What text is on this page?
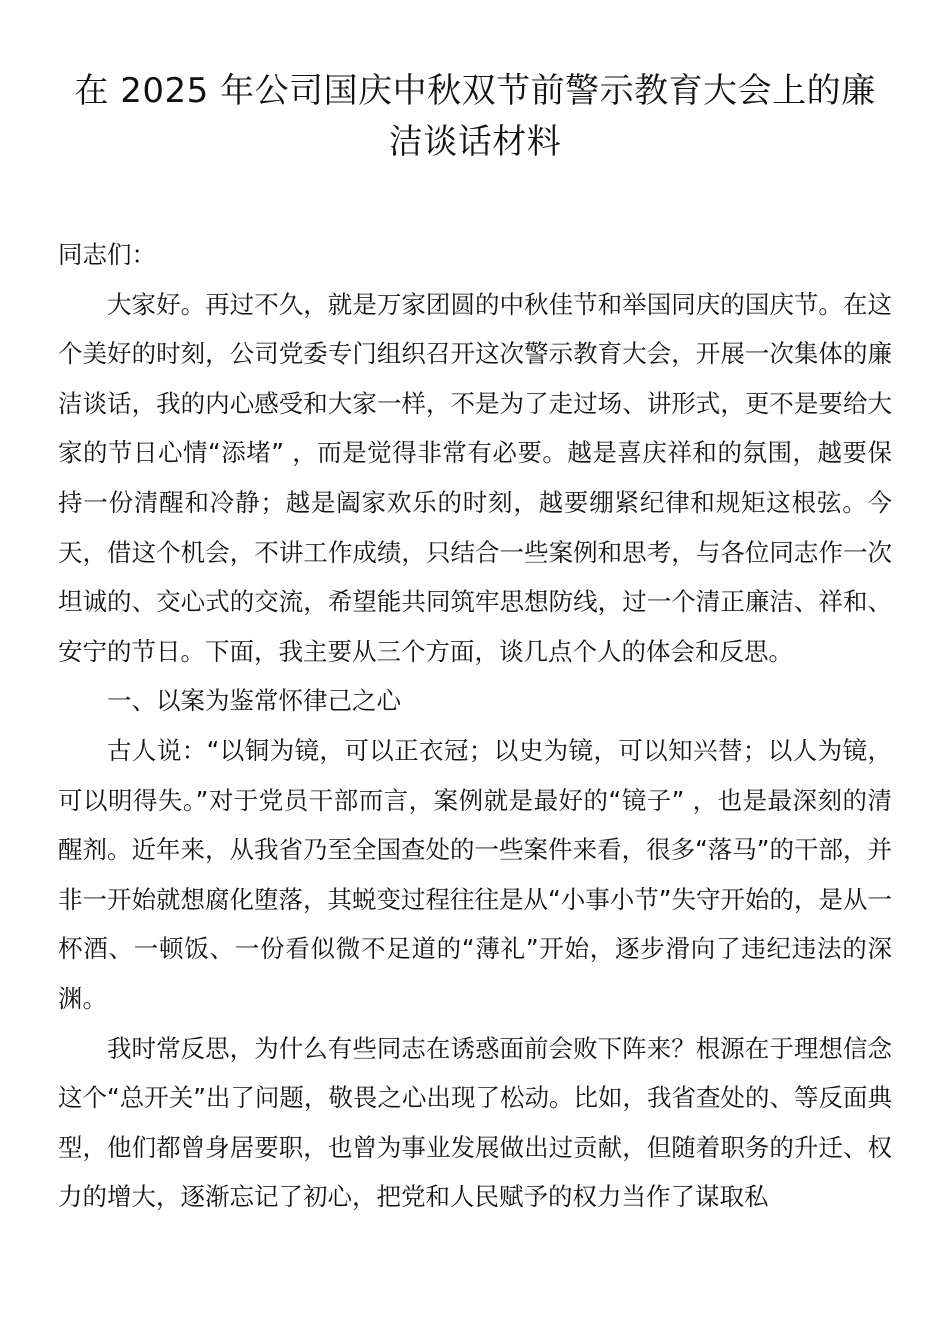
在 2025 年公司国庆中秋双节前警示教育大会上的廉洁谈话材料

同志们：

大家好。再过不久，就是万家团圆的中秋佳节和举国同庆的国庆节。在这个美好的时刻，公司党委专门组织召开这次警示教育大会，开展一次集体的廉洁谈话，我的内心感受和大家一样，不是为了走过场、讲形式，更不是要给大家的节日心情“添堵” ，而是觉得非常有必要。越是喜庆祥和的氛围，越要保持一份清醒和冷静；越是阖家欢乐的时刻，越要绷紧纪律和规矩这根弦。今天，借这个机会，不讲工作成绩，只结合一些案例和思考，与各位同志作一次坦诚的、交心式的交流，希望能共同筑牢思想防线，过一个清正廉洁、祥和、安宁的节日。下面，我主要从三个方面，谈几点个人的体会和反思。

一、以案为鉴常怀律己之心

古人说：“以铜为镜，可以正衣冠；以史为镜，可以知兴替；以人为镜，可以明得失。”对于党员干部而言，案例就是最好的“镜子” ，也是最深刻的清醒剂。近年来，从我省乃至全国查处的一些案件来看，很多“落马”的干部，并非一开始就想腐化堕落，其蜕变过程往往是从“小事小节”失守开始的，是从一杯酒、一顿饭、一份看似微不足道的“薄礼”开始，逐步滑向了违纪违法的深渊。

我时常反思，为什么有些同志在诱惑面前会败下阵来？根源在于理想信念这个“总开关”出了问题，敬畏之心出现了松动。比如，我省查处的、等反面典型，他们都曾身居要职，也曾为事业发展做出过贡献，但随着职务的升迁、权力的增大，逐渐忘记了初心，把党和人民赋予的权力当作了谋取私
